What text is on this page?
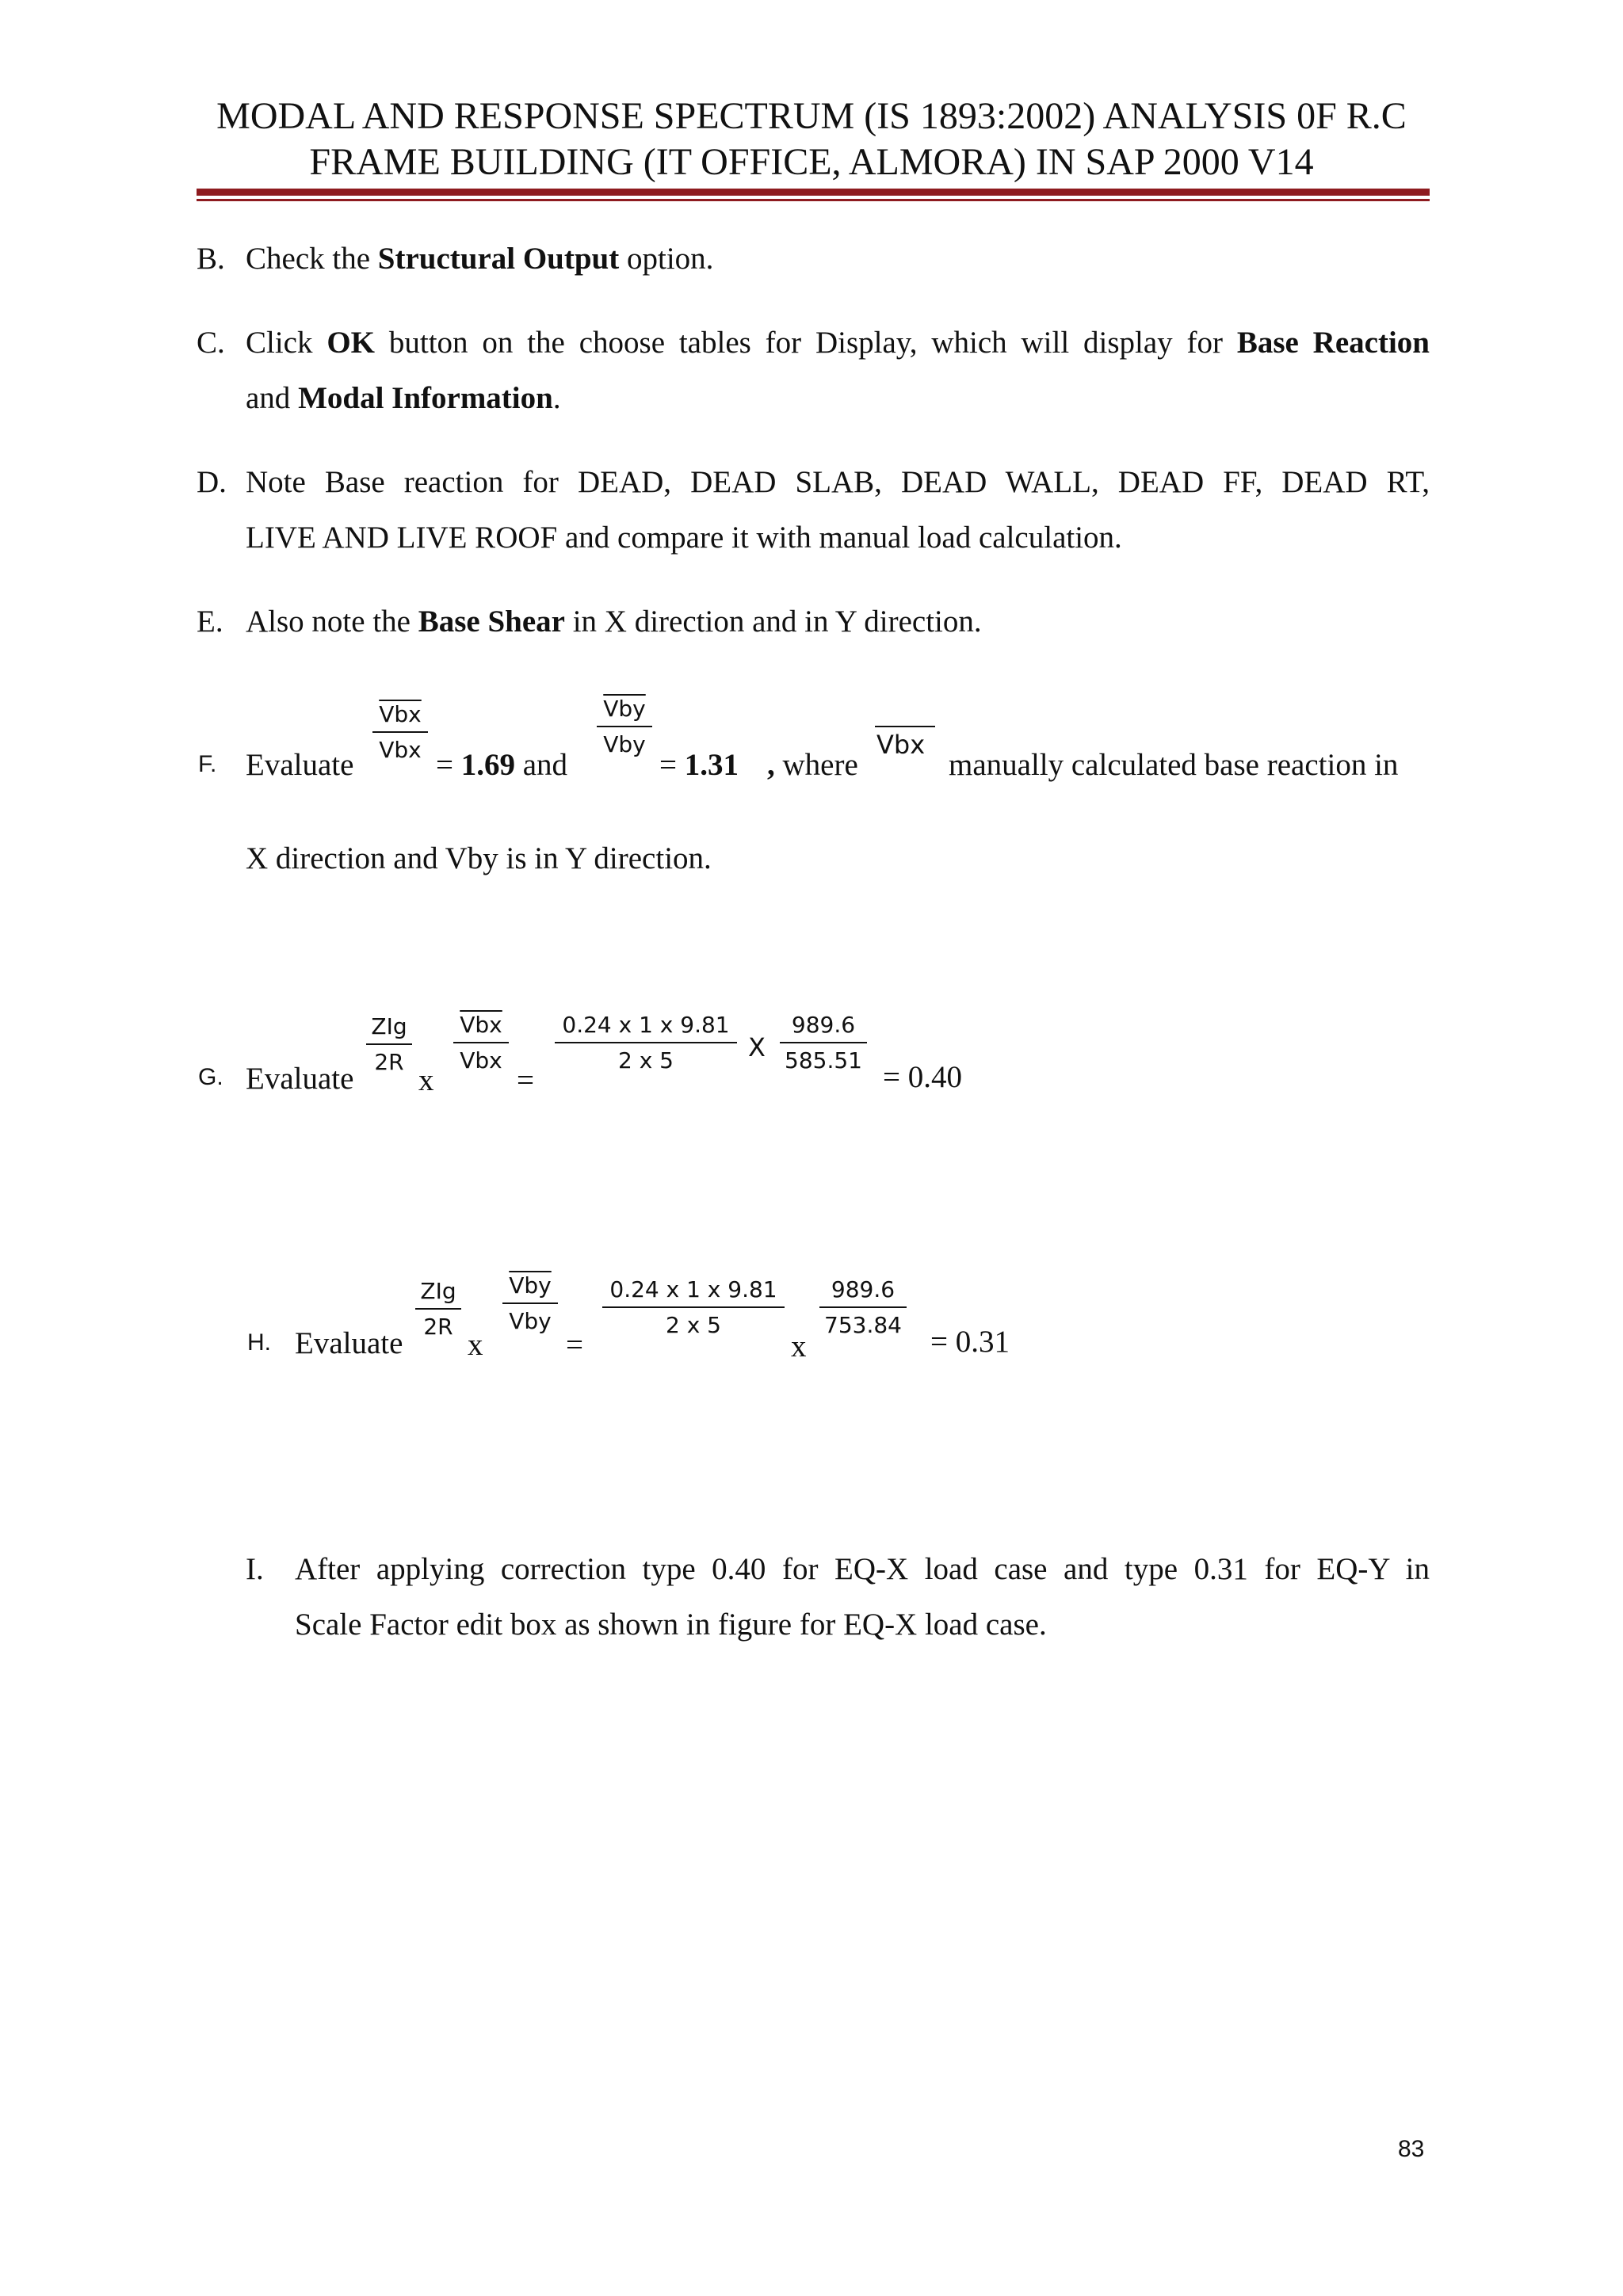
MODAL AND RESPONSE SPECTRUM (IS 1893:2002) ANALYSIS 0F R.C
FRAME BUILDING (IT OFFICE, ALMORA) IN SAP 2000 V14
B. Check the Structural Output option.
C. Click OK button on the choose tables for Display, which will display for Base Reaction
and Modal Information.
D. Note Base reaction for DEAD, DEAD SLAB, DEAD WALL, DEAD FF, DEAD RT,
LIVE AND LIVE ROOF and compare it with manual load calculation.
E. Also note the Base Shear in X direction and in Y direction.
F. Evaluate
$\overline{Vbx}$
Vbx = 1.69 and
$\overline{Vby}$
Vby
= 1.31 , where
Vbx
manually calculated base reaction in
X direction and Vby is in Y direction.
G. Evaluate
ZIg
2R
x
$\overline{Vbx}$
Vbx
=
0.24 x 1 x 9.81
2 x 5	X
989.6
585.51 = 0.40
H. Evaluate
ZIg
2R
x
$\overline{Vby}$
Vby
=
0.24 x 1 x 9.81
2 x 5
x
989.6
753.84 = 0.31
I. After applying correction type 0.40 for EQ-X load case and type 0.31 for EQ-Y in
Scale Factor edit box as shown in figure for EQ-X load case.
83
